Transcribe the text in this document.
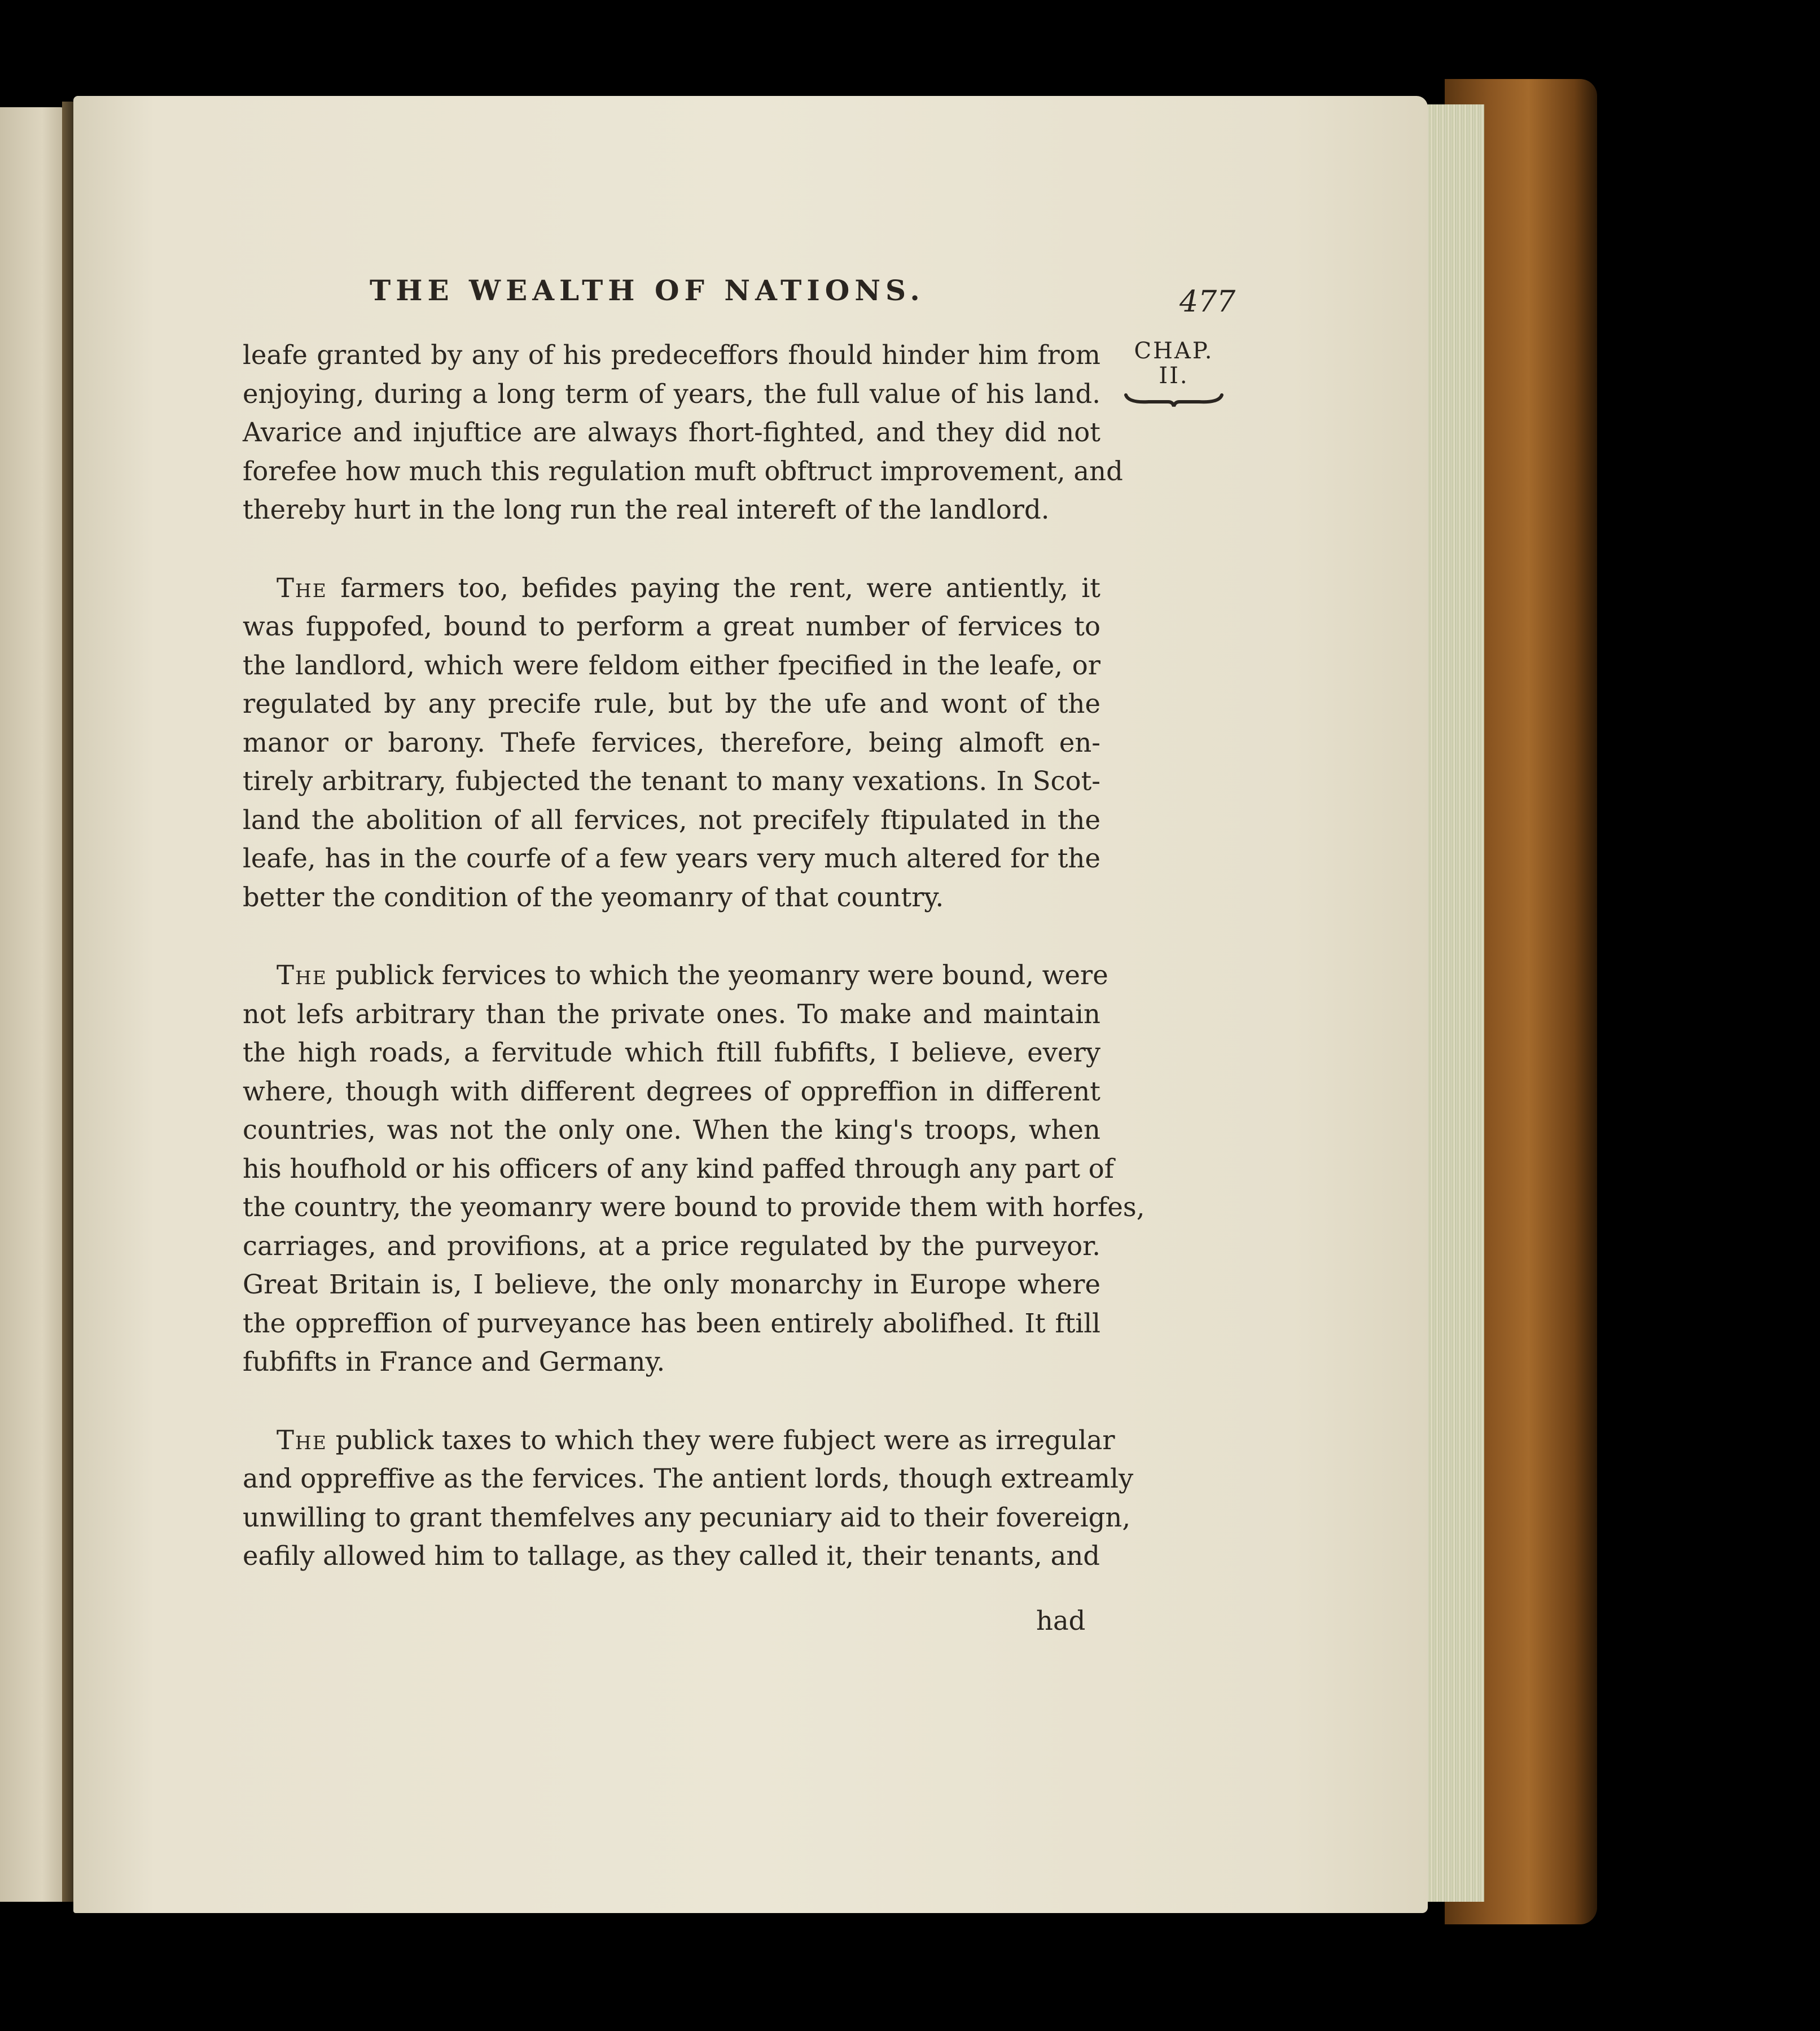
THE WEALTH OF NATIONS.	477
CHAP.
II.

leafe granted by any of his predeceffors fhould hinder him from
enjoying, during a long term of years, the full value of his land.
Avarice and injuftice are always fhort-fighted, and they did not
forefee how much this regulation muft obftruct improvement, and
thereby hurt in the long run the real intereft of the landlord.

The farmers too, befides paying the rent, were antiently, it
was fuppofed, bound to perform a great number of fervices to
the landlord, which were feldom either fpecified in the leafe, or
regulated by any precife rule, but by the ufe and wont of the
manor or barony. Thefe fervices, therefore, being almoft en-
tirely arbitrary, fubjected the tenant to many vexations. In Scot-
land the abolition of all fervices, not precifely ftipulated in the
leafe, has in the courfe of a few years very much altered for the
better the condition of the yeomanry of that country.

The publick fervices to which the yeomanry were bound, were
not lefs arbitrary than the private ones. To make and maintain
the high roads, a fervitude which ftill fubfifts, I believe, every
where, though with different degrees of oppreffion in different
countries, was not the only one. When the king's troops, when
his houfhold or his officers of any kind paffed through any part of
the country, the yeomanry were bound to provide them with horfes,
carriages, and provifions, at a price regulated by the purveyor.
Great Britain is, I believe, the only monarchy in Europe where
the oppreffion of purveyance has been entirely abolifhed. It ftill
fubfifts in France and Germany.

The publick taxes to which they were fubject were as irregular
and oppreffive as the fervices. The antient lords, though extreamly
unwilling to grant themfelves any pecuniary aid to their fovereign,
eafily allowed him to tallage, as they called it, their tenants, and

had
